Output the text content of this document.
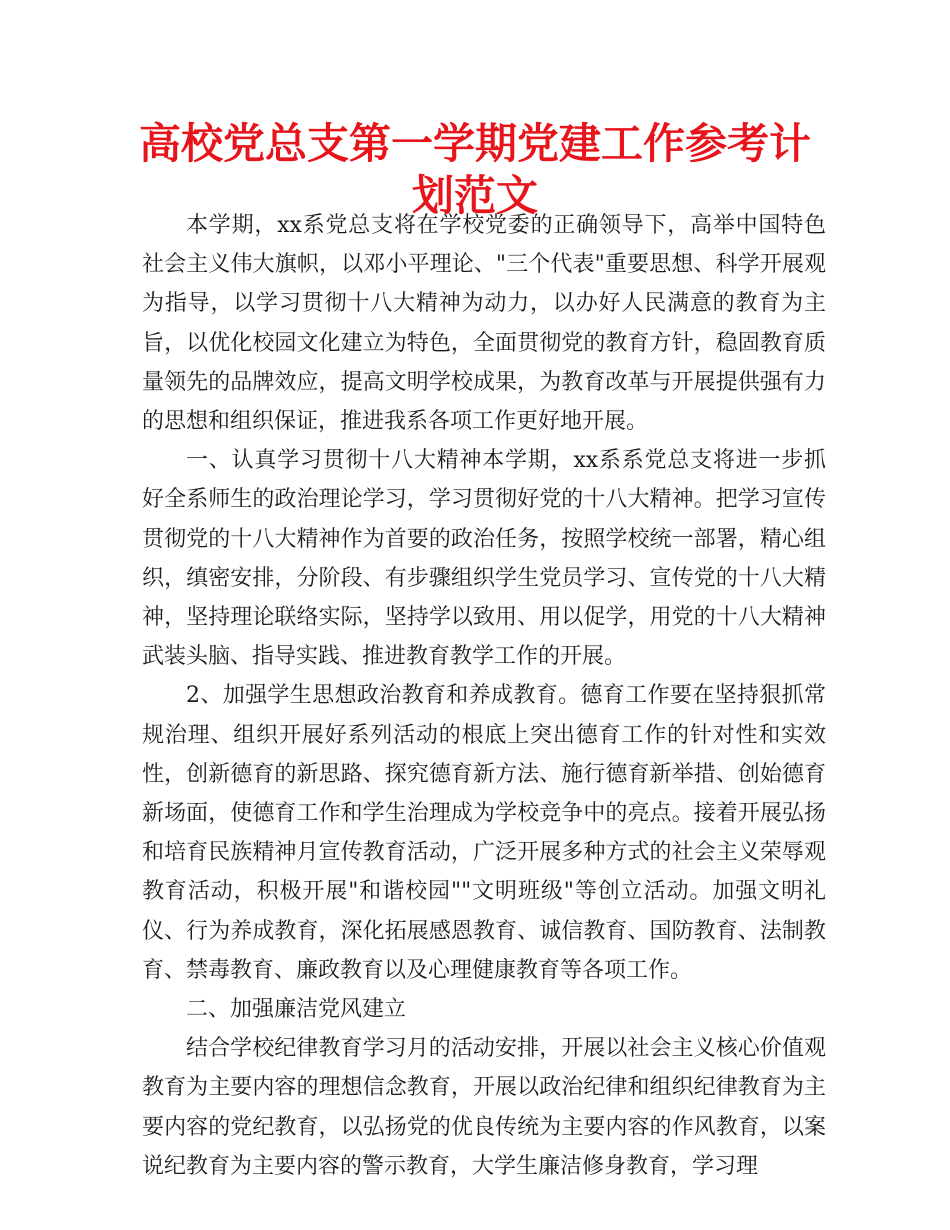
高校党总支第一学期党建工作参考计划范文

本学期，xx系党总支将在学校党委的正确领导下，高举中国特色社会主义伟大旗帜，以邓小平理论、"三个代表"重要思想、科学开展观为指导，以学习贯彻十八大精神为动力，以办好人民满意的教育为主旨，以优化校园文化建立为特色，全面贯彻党的教育方针，稳固教育质量领先的品牌效应，提高文明学校成果，为教育改革与开展提供强有力的思想和组织保证，推进我系各项工作更好地开展。

一、认真学习贯彻十八大精神本学期，xx系系党总支将进一步抓好全系师生的政治理论学习，学习贯彻好党的十八大精神。把学习宣传贯彻党的十八大精神作为首要的政治任务，按照学校统一部署，精心组织，缜密安排，分阶段、有步骤组织学生党员学习、宣传党的十八大精神，坚持理论联络实际，坚持学以致用、用以促学，用党的十八大精神武装头脑、指导实践、推进教育教学工作的开展。

2、加强学生思想政治教育和养成教育。德育工作要在坚持狠抓常规治理、组织开展好系列活动的根底上突出德育工作的针对性和实效性，创新德育的新思路、探究德育新方法、施行德育新举措、创始德育新场面，使德育工作和学生治理成为学校竞争中的亮点。接着开展弘扬和培育民族精神月宣传教育活动，广泛开展多种方式的社会主义荣辱观教育活动，积极开展"和谐校园""文明班级"等创立活动。加强文明礼仪、行为养成教育，深化拓展感恩教育、诚信教育、国防教育、法制教育、禁毒教育、廉政教育以及心理健康教育等各项工作。

二、加强廉洁党风建立

结合学校纪律教育学习月的活动安排，开展以社会主义核心价值观教育为主要内容的理想信念教育，开展以政治纪律和组织纪律教育为主要内容的党纪教育，以弘扬党的优良传统为主要内容的作风教育，以案说纪教育为主要内容的警示教育，大学生廉洁修身教育，学习理
